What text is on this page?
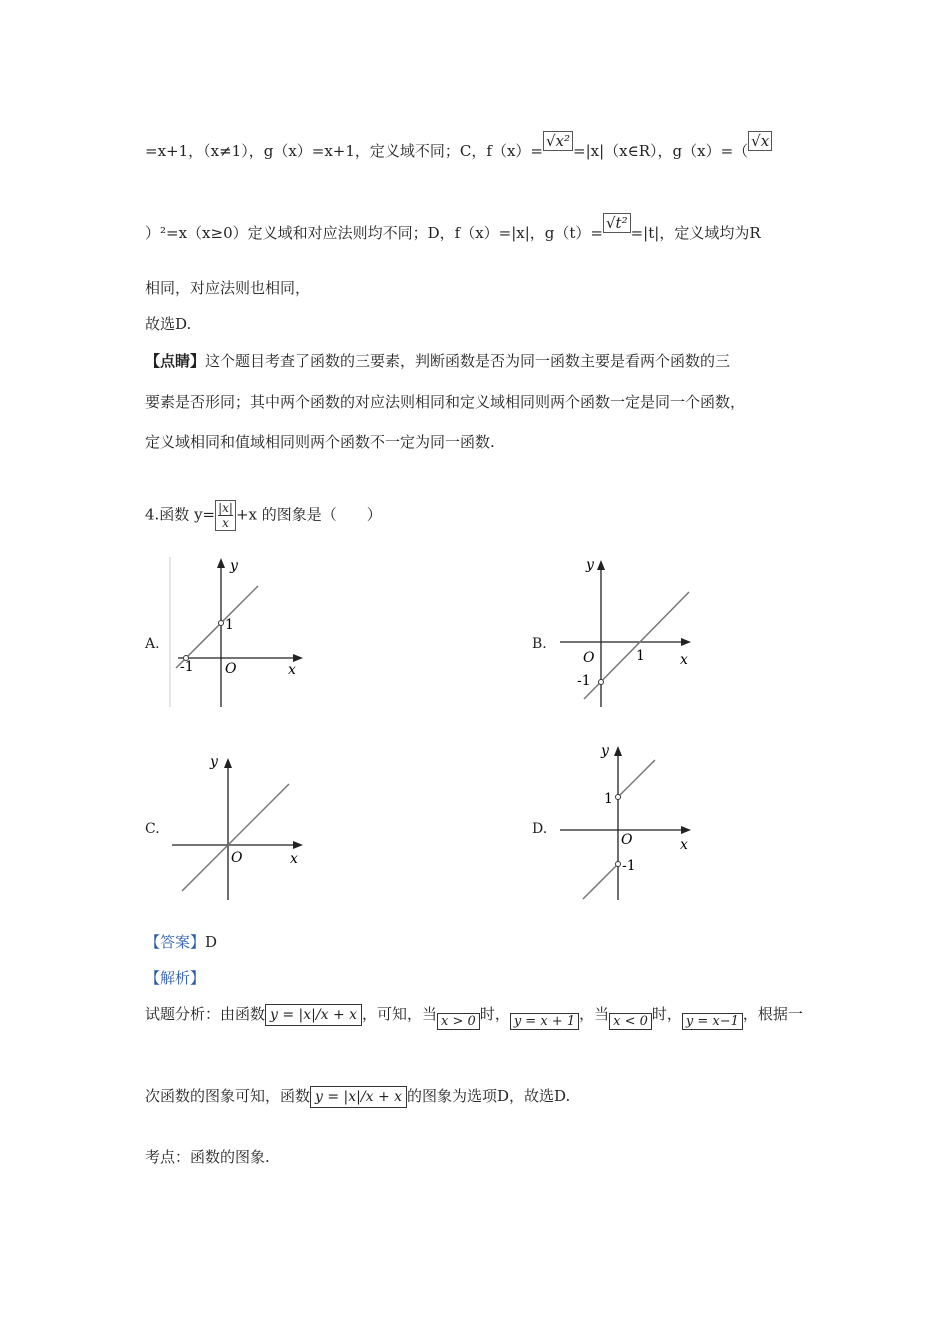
=x+1，（x≠1），g（x）=x+1，定义域不同；C，f（x）=√x²=|x|（x∈R），g（x）=（√x
）²=x（x≥0）定义域和对应法则均不同；D，f（x）=|x|，g（t）=√t²=|t|，定义域均为R
相同，对应法则也相同，
故选D.
【点睛】这个题目考查了函数的三要素，判断函数是否为同一函数主要是看两个函数的三
要素是否形同；其中两个函数的对应法则相同和定义域相同则两个函数一定是同一个函数，
定义域相同和值域相同则两个函数不一定为同一函数.
4.函数 $y= \frac{|x|}{x} +x$ 的图象是（　　）
A.	B.
C.	D.
y
x
O
1
-1
y
x
O	1
-1
y
x
O
y
x
O
1
-1
【答案】D
【解析】
试题分析：由函数 y = |x|/x + x ，可知，当 x > 0 时， y = x + 1 ，当 x < 0 时， y = x−1 ，根据一
次函数的图象可知，函数 y = |x|/x + x 的图象为选项D，故选D.
考点：函数的图象.
